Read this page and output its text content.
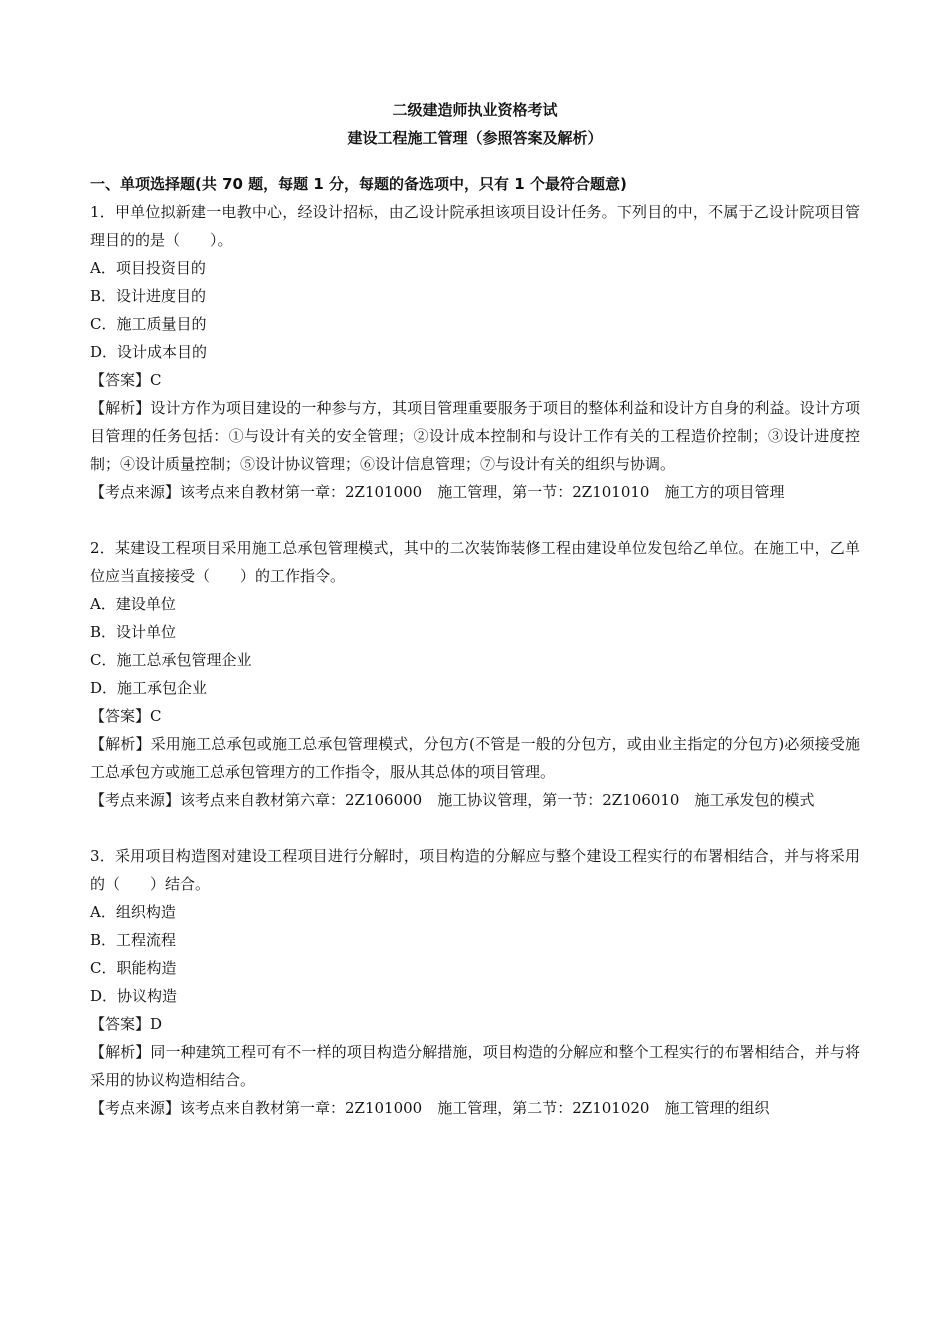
二级建造师执业资格考试
建设工程施工管理（参照答案及解析）
一、单项选择题(共 70 题，每题 1 分，每题的备选项中，只有 1 个最符合题意)
1．甲单位拟新建一电教中心，经设计招标，由乙设计院承担该项目设计任务。下列目的中，不属于乙设计院项目管理目的的是（　　）。
A．项目投资目的
B．设计进度目的
C．施工质量目的
D．设计成本目的
【答案】C
【解析】设计方作为项目建设的一种参与方，其项目管理重要服务于项目的整体利益和设计方自身的利益。设计方项目管理的任务包括：①与设计有关的安全管理；②设计成本控制和与设计工作有关的工程造价控制；③设计进度控制；④设计质量控制；⑤设计协议管理；⑥设计信息管理；⑦与设计有关的组织与协调。
【考点来源】该考点来自教材第一章：2Z101000　施工管理，第一节：2Z101010　施工方的项目管理
2．某建设工程项目采用施工总承包管理模式，其中的二次装饰装修工程由建设单位发包给乙单位。在施工中，乙单位应当直接接受（　　）的工作指令。
A．建设单位
B．设计单位
C．施工总承包管理企业
D．施工承包企业
【答案】C
【解析】采用施工总承包或施工总承包管理模式，分包方(不管是一般的分包方，或由业主指定的分包方)必须接受施工总承包方或施工总承包管理方的工作指令，服从其总体的项目管理。
【考点来源】该考点来自教材第六章：2Z106000　施工协议管理，第一节：2Z106010　施工承发包的模式
3．采用项目构造图对建设工程项目进行分解时，项目构造的分解应与整个建设工程实行的布署相结合，并与将采用的（　　）结合。
A．组织构造
B．工程流程
C．职能构造
D．协议构造
【答案】D
【解析】同一种建筑工程可有不一样的项目构造分解措施，项目构造的分解应和整个工程实行的布署相结合，并与将采用的协议构造相结合。
【考点来源】该考点来自教材第一章：2Z101000　施工管理，第二节：2Z101020　施工管理的组织
